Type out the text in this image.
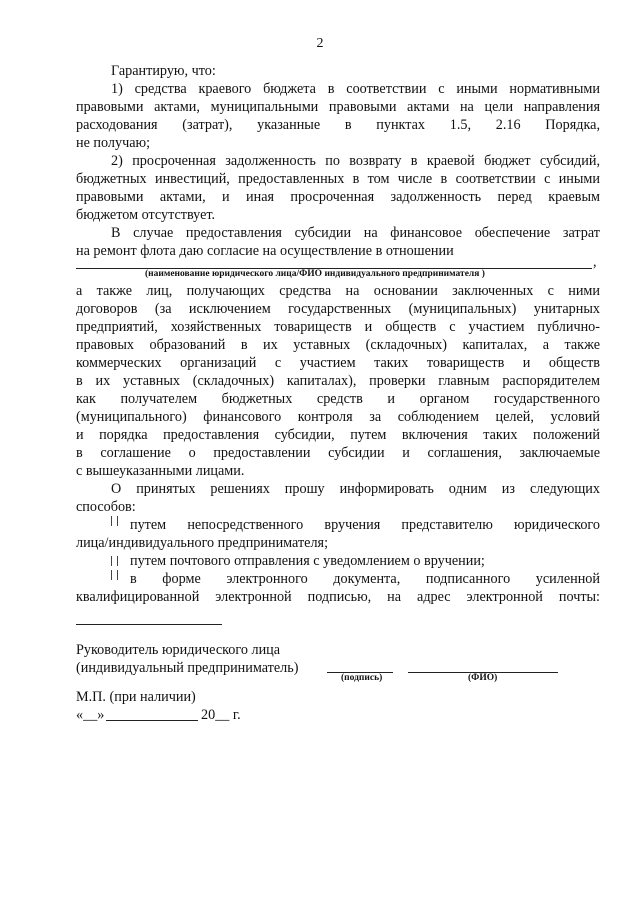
2
Гарантирую, что:
1) средства краевого бюджета в соответствии с иными нормативными
правовыми актами, муниципальными правовыми актами на цели направления
расходования (затрат), указанные в пунктах 1.5, 2.16 Порядка,
не получаю;
2) просроченная задолженность по возврату в краевой бюджет субсидий,
бюджетных инвестиций, предоставленных в том числе в соответствии с иными
правовыми актами, и иная просроченная задолженность перед краевым
бюджетом отсутствует.
В случае предоставления субсидии на финансовое обеспечение затрат
на ремонт флота даю согласие на осуществление в отношении
,
(наименование юридического лица/ФИО индивидуального предпринимателя )
а также лиц, получающих средства на основании заключенных с ними
договоров (за исключением государственных (муниципальных) унитарных
предприятий, хозяйственных товариществ и обществ с участием публично-
правовых образований в их уставных (складочных) капиталах, а также
коммерческих организаций с участием таких товариществ и обществ
в их уставных (складочных) капиталах), проверки главным распорядителем
как получателем бюджетных средств и органом государственного
(муниципального) финансового контроля за соблюдением целей, условий
и порядка предоставления субсидии, путем включения таких положений
в соглашение о предоставлении субсидии и соглашения, заключаемые
с вышеуказанными лицами.
О принятых решениях прошу информировать одним из следующих
способов:
путем непосредственного вручения представителю юридического
лица/индивидуального предпринимателя;
путем почтового отправления с уведомлением о вручении;
в форме электронного документа, подписанного усиленной
квалифицированной электронной подписью, на адрес электронной почты:
Руководитель юридического лица
(индивидуальный предприниматель)
(подпись)	(ФИО)
М.П. (при наличии)
«__»	20__ г.
